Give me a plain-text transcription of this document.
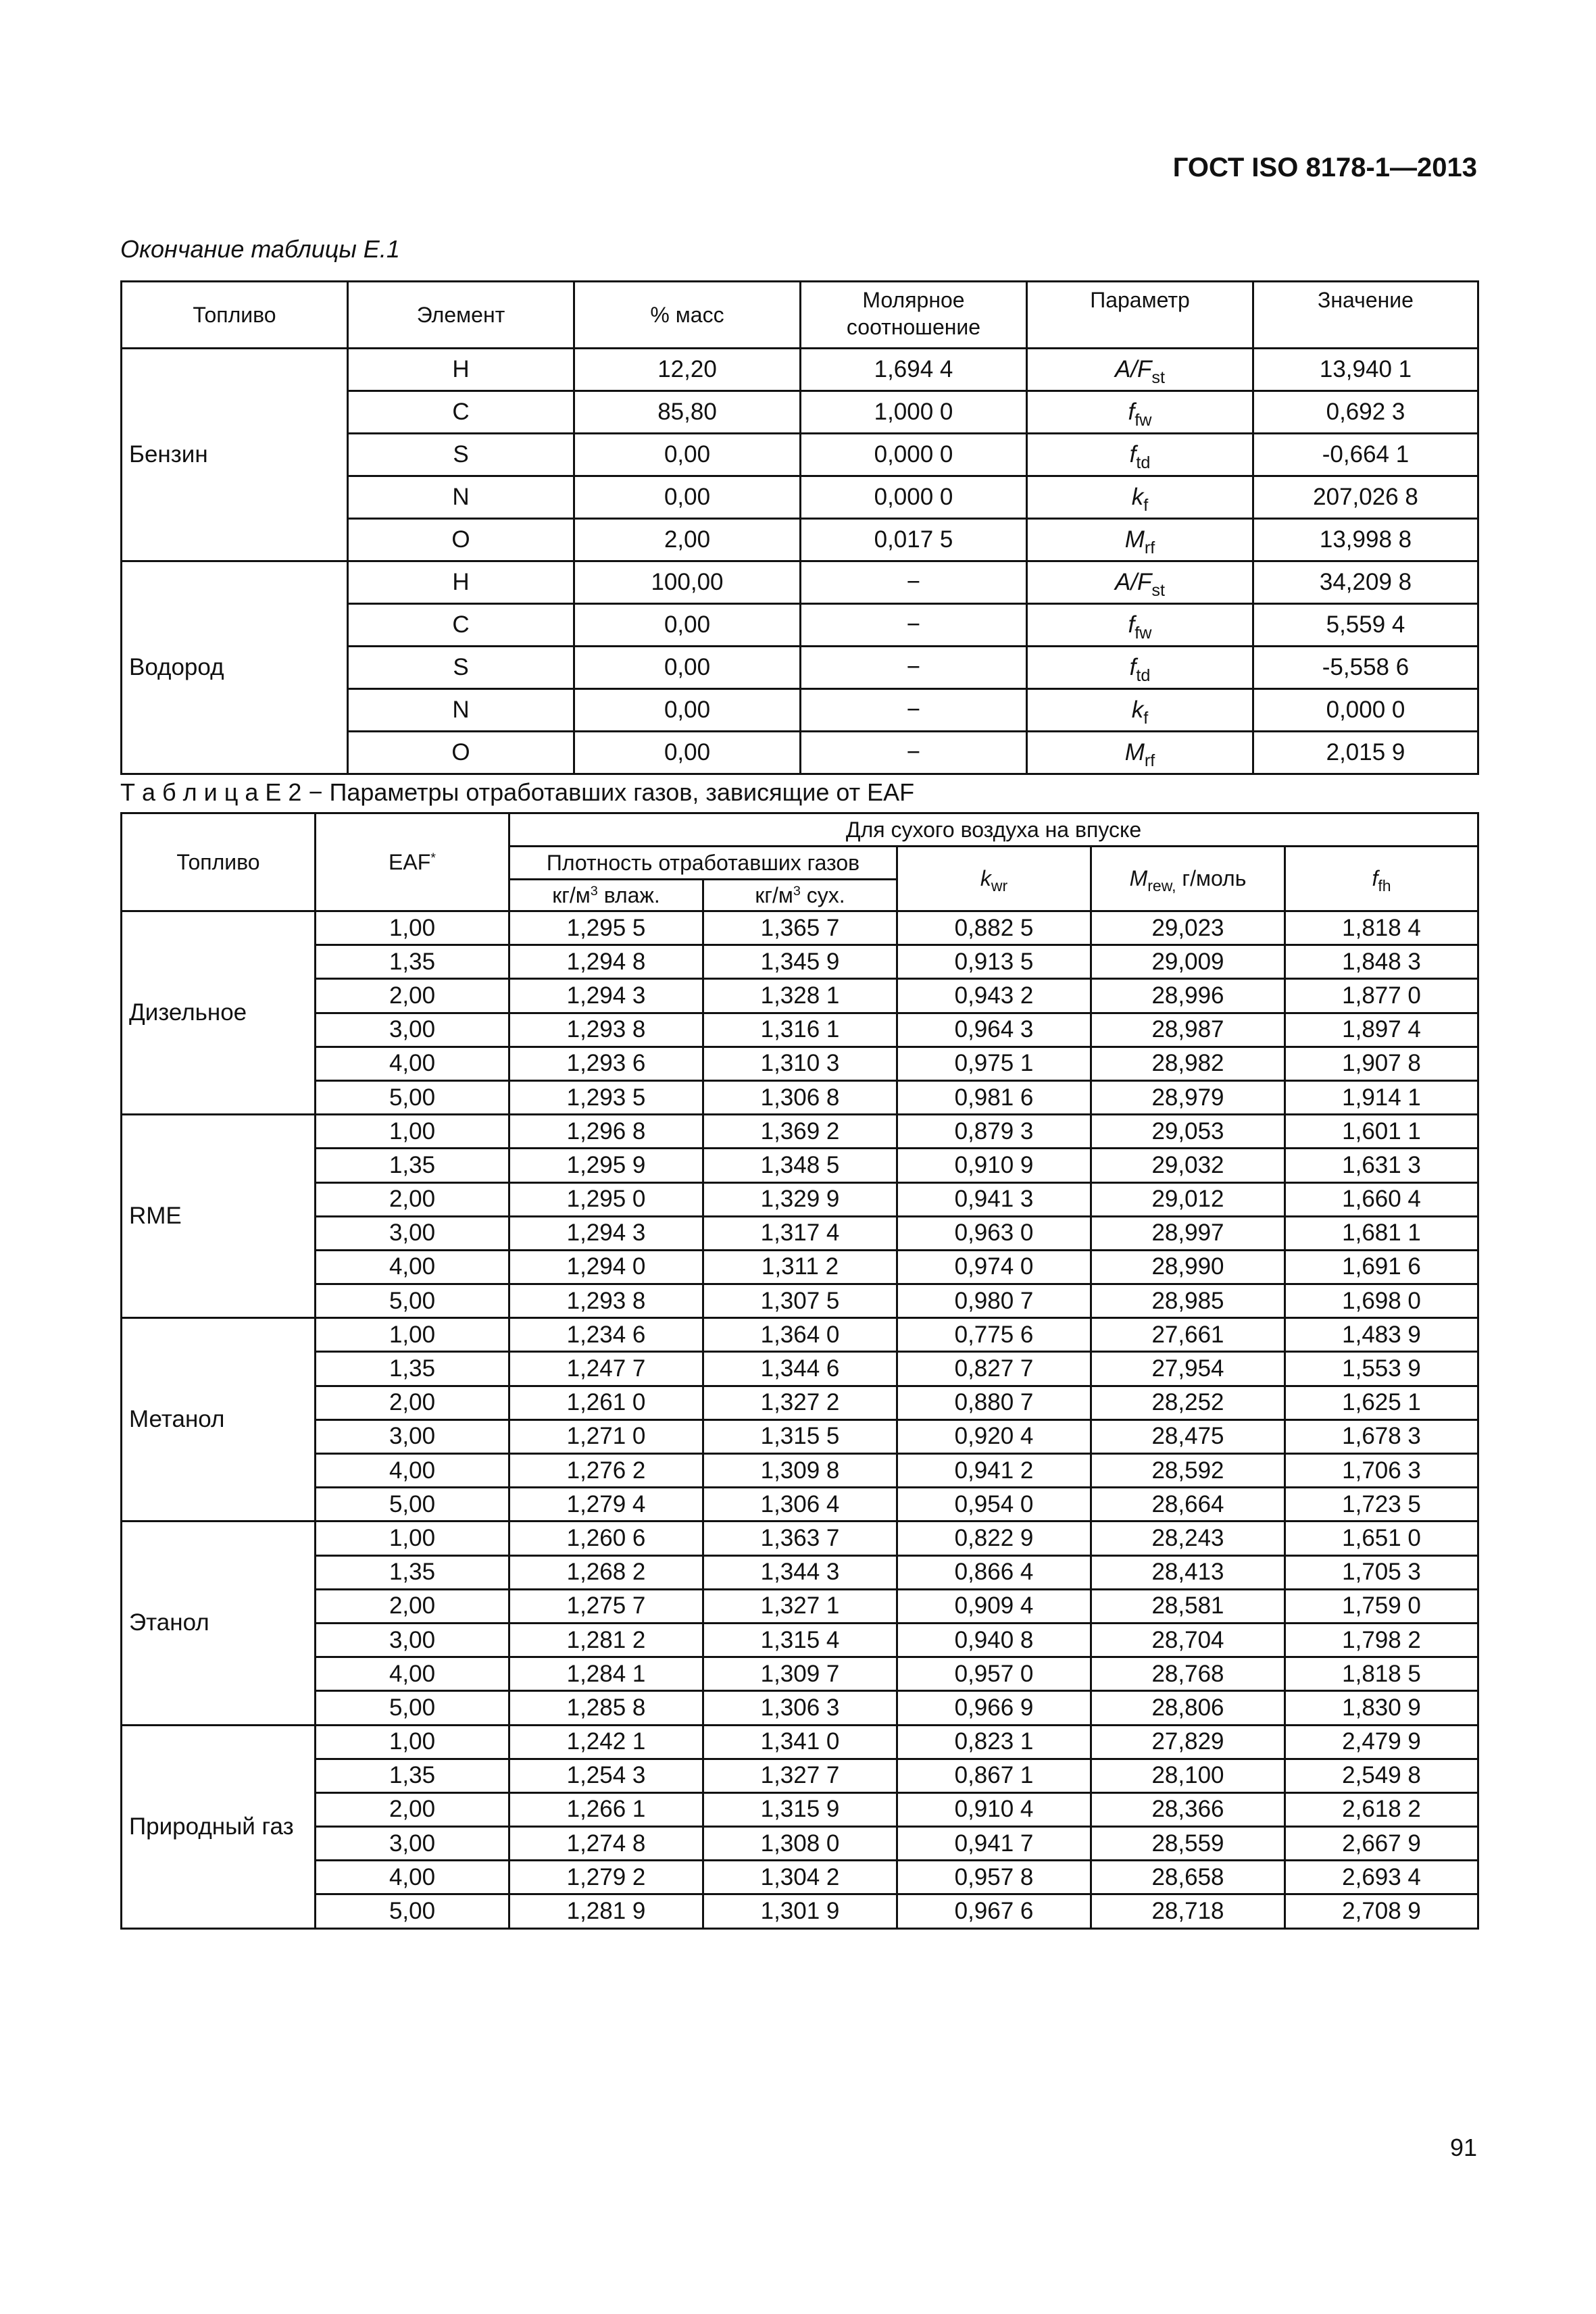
ГОСТ ISO 8178-1—2013
Окончание таблицы Е.1
Топливо	Элемент	% масс	Молярное соотношение	Параметр	Значение
Бензин	H	12,20	1,694 4	$A/F_{st}$	13,940 1
	C	85,80	1,000 0	$f_{fw}$	0,692 3
	S	0,00	0,000 0	$f_{td}$	-0,664 1
	N	0,00	0,000 0	$k_f$	207,026 8
	O	2,00	0,017 5	$M_{rf}$	13,998 8
Водород	H	100,00	−	$A/F_{st}$	34,209 8
	C	0,00	−	$f_{fw}$	5,559 4
	S	0,00	−	$f_{td}$	-5,558 6
	N	0,00	−	$k_f$	0,000 0
	O	0,00	−	$M_{rf}$	2,015 9
Т а б л и ц а Е 2 − Параметры отработавших газов, зависящие от EAF
Топливо	EAF*	Для сухого воздуха на впуске				
		Плотность отработавших газов		$k_{wr}$	$M_{rew,}$ г/моль	$f_{fh}$
		$кг/м^3$ влаж.	$кг/м^3$ сух.			
Дизельное	1,00	1,295 5	1,365 7	0,882 5	29,023	1,818 4
	1,35	1,294 8	1,345 9	0,913 5	29,009	1,848 3
	2,00	1,294 3	1,328 1	0,943 2	28,996	1,877 0
	3,00	1,293 8	1,316 1	0,964 3	28,987	1,897 4
	4,00	1,293 6	1,310 3	0,975 1	28,982	1,907 8
	5,00	1,293 5	1,306 8	0,981 6	28,979	1,914 1
RME	1,00	1,296 8	1,369 2	0,879 3	29,053	1,601 1
	1,35	1,295 9	1,348 5	0,910 9	29,032	1,631 3
	2,00	1,295 0	1,329 9	0,941 3	29,012	1,660 4
	3,00	1,294 3	1,317 4	0,963 0	28,997	1,681 1
	4,00	1,294 0	1,311 2	0,974 0	28,990	1,691 6
	5,00	1,293 8	1,307 5	0,980 7	28,985	1,698 0
Метанол	1,00	1,234 6	1,364 0	0,775 6	27,661	1,483 9
	1,35	1,247 7	1,344 6	0,827 7	27,954	1,553 9
	2,00	1,261 0	1,327 2	0,880 7	28,252	1,625 1
	3,00	1,271 0	1,315 5	0,920 4	28,475	1,678 3
	4,00	1,276 2	1,309 8	0,941 2	28,592	1,706 3
	5,00	1,279 4	1,306 4	0,954 0	28,664	1,723 5
Этанол	1,00	1,260 6	1,363 7	0,822 9	28,243	1,651 0
	1,35	1,268 2	1,344 3	0,866 4	28,413	1,705 3
	2,00	1,275 7	1,327 1	0,909 4	28,581	1,759 0
	3,00	1,281 2	1,315 4	0,940 8	28,704	1,798 2
	4,00	1,284 1	1,309 7	0,957 0	28,768	1,818 5
	5,00	1,285 8	1,306 3	0,966 9	28,806	1,830 9
Природный газ	1,00	1,242 1	1,341 0	0,823 1	27,829	2,479 9
	1,35	1,254 3	1,327 7	0,867 1	28,100	2,549 8
	2,00	1,266 1	1,315 9	0,910 4	28,366	2,618 2
	3,00	1,274 8	1,308 0	0,941 7	28,559	2,667 9
	4,00	1,279 2	1,304 2	0,957 8	28,658	2,693 4
	5,00	1,281 9	1,301 9	0,967 6	28,718	2,708 9
91
